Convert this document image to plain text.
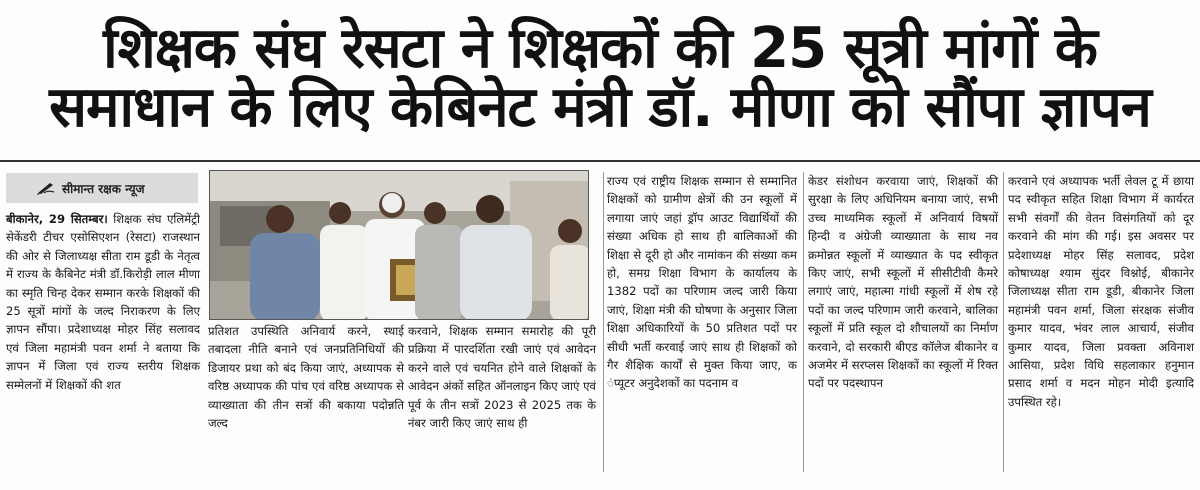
शिक्षक संघ रेसटा ने शिक्षकों की 25 सूत्री मांगों के
समाधान के लिए केबिनेट मंत्री डॉ. मीणा को सौंपा ज्ञापन
सीमान्त रक्षक न्यूज
बीकानेर, 29 सितम्बर। शिक्षक संघ एलिमेंट्री सेकेंडरी टीचर एसोसिएशन (रेसटा) राजस्थान की ओर से जिलाध्यक्ष सीता राम डूडी के नेतृत्व में राज्य के कैबिनेट मंत्री डॉ.किरोड़ी लाल मीणा का स्मृति चिन्ह देकर सम्मान करके शिक्षकों की 25 सूत्रों मांगों के जल्द निराकरण के लिए ज्ञापन सौंपा। प्रदेशाध्यक्ष मोहर सिंह सलावद एवं जिला महामंत्री पवन शर्मा ने बताया कि ज्ञापन में जिला एवं राज्य स्तरीय शिक्षक सम्मेलनों में शिक्षकों की शत
प्रतिशत उपस्थिति अनिवार्य करने, स्थाई तबादला नीति बनाने एवं जनप्रतिनिधियों की डिजायर प्रथा को बंद किया जाएं, अध्यापक से वरिष्ठ अध्यापक की पांच एवं वरिष्ठ अध्यापक से व्याख्याता की तीन सत्रों की बकाया पदोन्नति जल्द
करवाने, शिक्षक सम्मान समारोह की पूरी प्रक्रिया में पारदर्शिता रखी जाएं एवं आवेदन करने वाले एवं चयनित होने वाले शिक्षकों के आवेदन अंकों सहित ऑनलाइन किए जाएं एवं पूर्व के तीन सत्रों 2023 से 2025 तक के नंबर जारी किए जाएं साथ ही
राज्य एवं राष्ट्रीय शिक्षक सम्मान से सम्मानित शिक्षकों को ग्रामीण क्षेत्रों की उन स्कूलों में लगाया जाएं जहां ड्रॉप आउट विद्यार्थियों की संख्या अधिक हो साथ ही बालिकाओं की शिक्षा से दूरी हो और नामांकन की संख्या कम हो, समग्र शिक्षा विभाग के कार्यालय के 1382 पदों का परिणाम जल्द जारी किया जाएं, शिक्षा मंत्री की घोषणा के अनुसार जिला शिक्षा अधिकारियों के 50 प्रतिशत पदों पर सीधी भर्ती करवाई जाएं साथ ही शिक्षकों को गैर शैक्षिक कार्यों से मुक्त किया जाए, क ंप्यूटर अनुदेशकों का पदनाम व
केडर संशोधन करवाया जाएं, शिक्षकों की सुरक्षा के लिए अधिनियम बनाया जाएं, सभी उच्च माध्यमिक स्कूलों में अनिवार्य विषयों हिन्दी व अंग्रेजी व्याख्याता के साथ नव क्रमोन्नत स्कूलों में व्याख्यात के पद स्वीकृत किए जाएं, सभी स्कूलों में सीसीटीवी कैमरे लगाएं जाएं, महात्मा गांधी स्कूलों में शेष रहे पदों का जल्द परिणाम जारी करवाने, बालिका स्कूलों में प्रति स्कूल दो शौचालयों का निर्माण करवाने, दो सरकारी बीएड कॉलेज बीकानेर व अजमेर में सरप्लस शिक्षकों का स्कूलों में रिक्त पदों पर पदस्थापन
करवाने एवं अध्यापक भर्ती लेवल टू में छाया पद स्वीकृत सहित शिक्षा विभाग में कार्यरत सभी संवर्गों की वेतन विसंगतियों को दूर करवाने की मांग की गई। इस अवसर पर प्रदेशाध्यक्ष मोहर सिंह सलावद, प्रदेश कोषाध्यक्ष श्याम सुंदर विश्नोई, बीकानेर जिलाध्यक्ष सीता राम डूडी, बीकानेर जिला महामंत्री पवन शर्मा, जिला संरक्षक संजीव कुमार यादव, भंवर लाल आचार्य, संजीव कुमार यादव, जिला प्रवक्ता अविनाश आसिया, प्रदेश विधि सहलाकार हनुमान प्रसाद शर्मा व मदन मोहन मोदी इत्यादि उपस्थित रहे।
